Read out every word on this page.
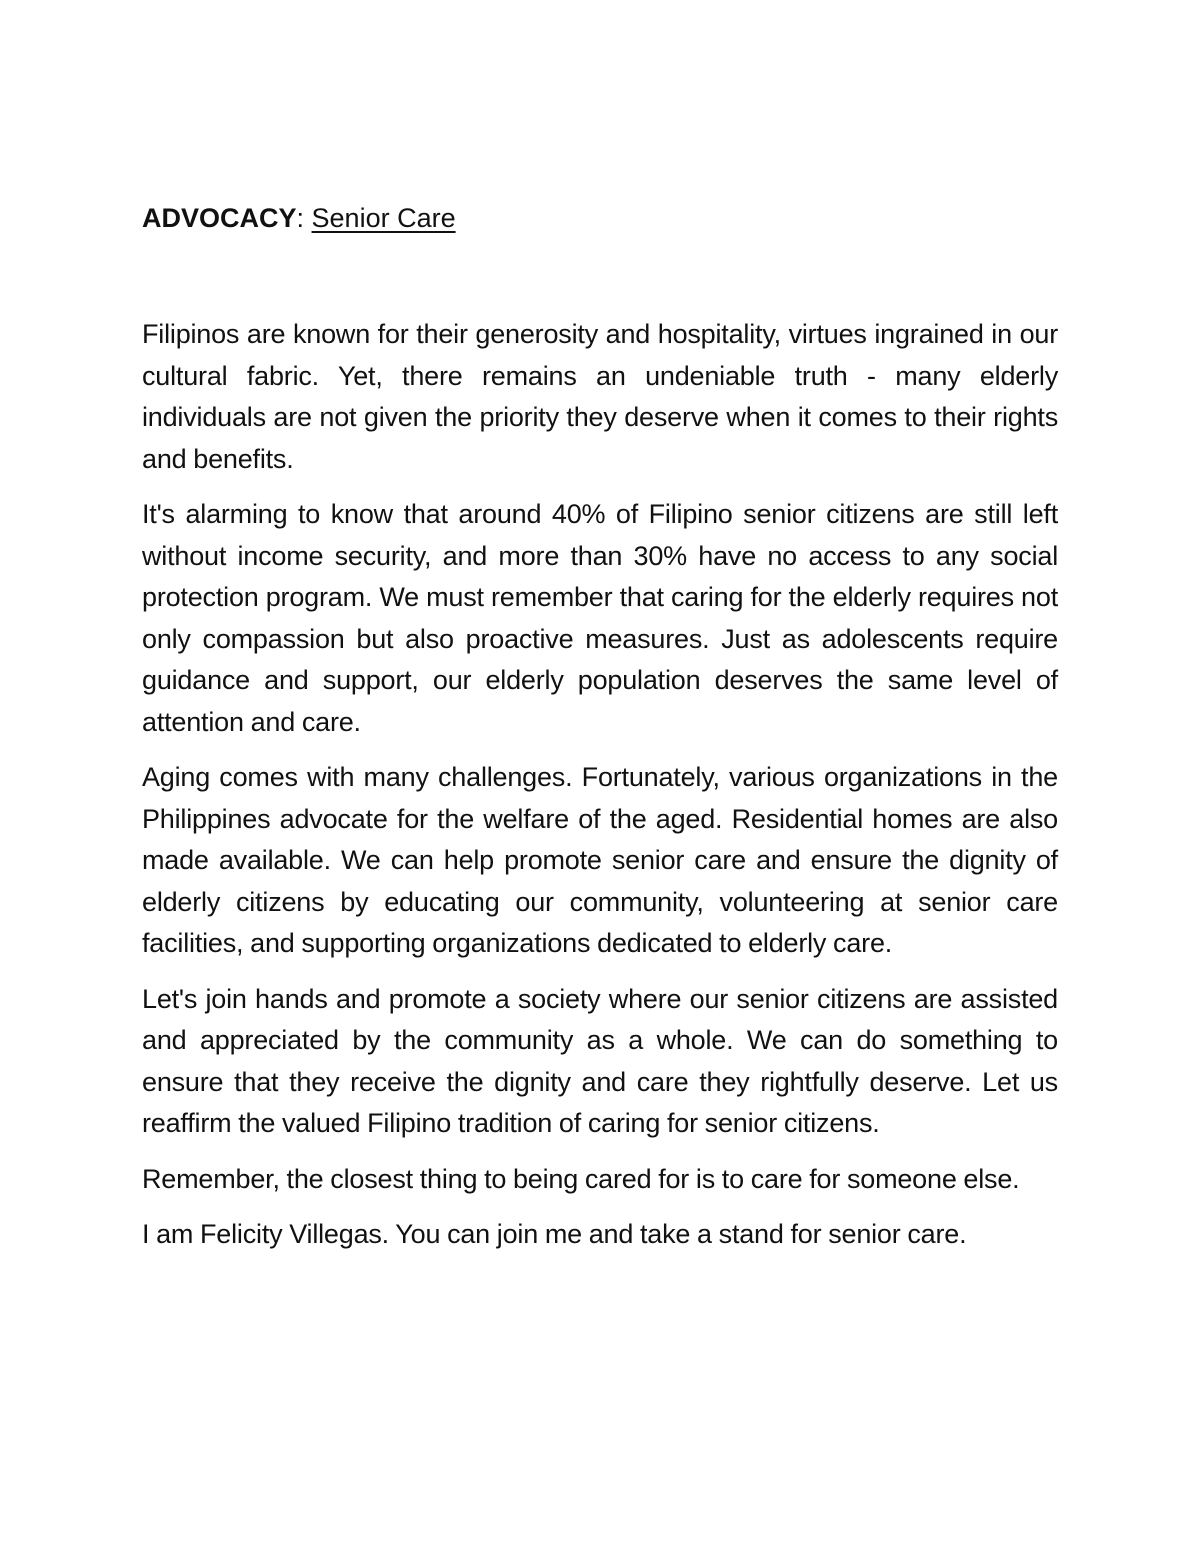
ADVOCACY: Senior Care

Filipinos are known for their generosity and hospitality, virtues ingrained in our cultural fabric. Yet, there remains an undeniable truth - many elderly individuals are not given the priority they deserve when it comes to their rights and benefits.

It's alarming to know that around 40% of Filipino senior citizens are still left without income security, and more than 30% have no access to any social protection program. We must remember that caring for the elderly requires not only compassion but also proactive measures. Just as adolescents require guidance and support, our elderly population deserves the same level of attention and care.

Aging comes with many challenges. Fortunately, various organizations in the Philippines advocate for the welfare of the aged. Residential homes are also made available. We can help promote senior care and ensure the dignity of elderly citizens by educating our community, volunteering at senior care facilities, and supporting organizations dedicated to elderly care.

Let's join hands and promote a society where our senior citizens are assisted and appreciated by the community as a whole. We can do something to ensure that they receive the dignity and care they rightfully deserve. Let us reaffirm the valued Filipino tradition of caring for senior citizens.

Remember, the closest thing to being cared for is to care for someone else.

I am Felicity Villegas. You can join me and take a stand for senior care.
